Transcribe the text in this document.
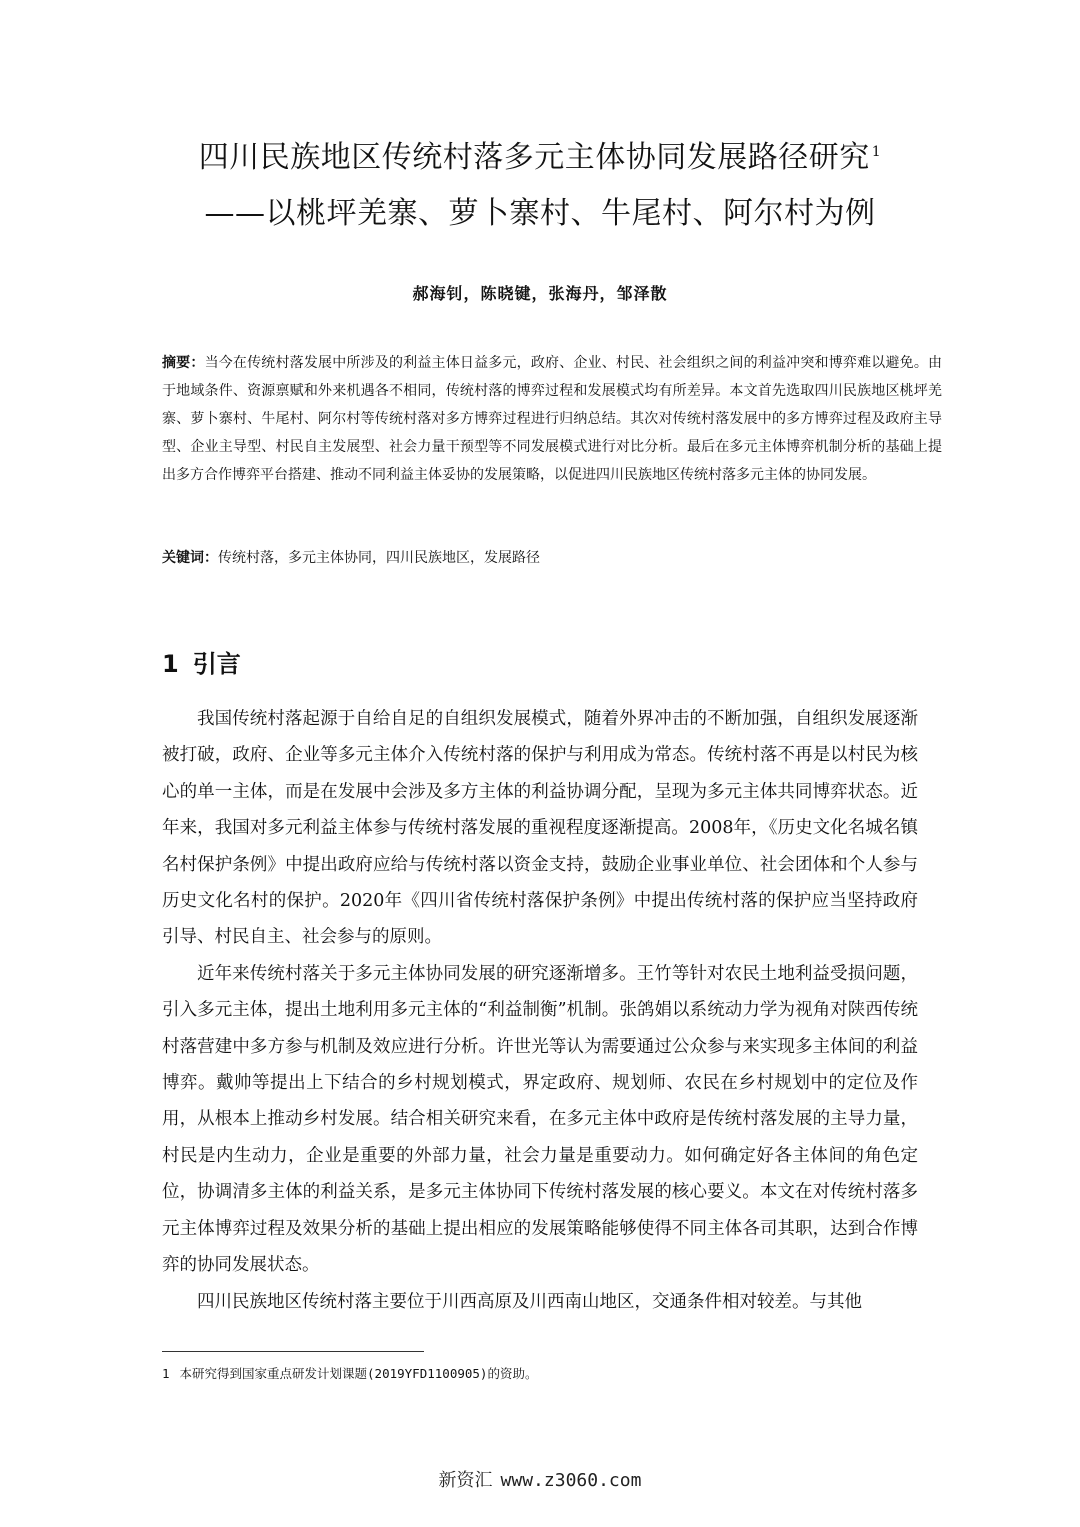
四川民族地区传统村落多元主体协同发展路径研究 $^1$
——以桃坪羌寨、萝卜寨村、牛尾村、阿尔村为例
郝海钊，陈晓键，张海丹，邹泽散
摘要：当今在传统村落发展中所涉及的利益主体日益多元，政府、企业、村民、社会组织之间的利益冲突和博弈难以避免。由于地域条件、资源禀赋和外来机遇各不相同，传统村落的博弈过程和发展模式均有所差异。本文首先选取四川民族地区桃坪羌寨、萝卜寨村、牛尾村、阿尔村等传统村落对多方博弈过程进行归纳总结。其次对传统村落发展中的多方博弈过程及政府主导型、企业主导型、村民自主发展型、社会力量干预型等不同发展模式进行对比分析。最后在多元主体博弈机制分析的基础上提出多方合作博弈平台搭建、推动不同利益主体妥协的发展策略，以促进四川民族地区传统村落多元主体的协同发展。
关键词：传统村落，多元主体协同，四川民族地区，发展路径
1 引言

我国传统村落起源于自给自足的自组织发展模式，随着外界冲击的不断加强，自组织发展逐渐被打破，政府、企业等多元主体介入传统村落的保护与利用成为常态。传统村落不再是以村民为核心的单一主体，而是在发展中会涉及多方主体的利益协调分配，呈现为多元主体共同博弈状态。近年来，我国对多元利益主体参与传统村落发展的重视程度逐渐提高。2008年，《历史文化名城名镇名村保护条例》中提出政府应给与传统村落以资金支持，鼓励企业事业单位、社会团体和个人参与历史文化名村的保护。2020年《四川省传统村落保护条例》中提出传统村落的保护应当坚持政府引导、村民自主、社会参与的原则。

近年来传统村落关于多元主体协同发展的研究逐渐增多。王竹等针对农民土地利益受损问题，引入多元主体，提出土地利用多元主体的“利益制衡”机制。张鸽娟以系统动力学为视角对陕西传统村落营建中多方参与机制及效应进行分析。许世光等认为需要通过公众参与来实现多主体间的利益博弈。戴帅等提出上下结合的乡村规划模式，界定政府、规划师、农民在乡村规划中的定位及作用，从根本上推动乡村发展。结合相关研究来看，在多元主体中政府是传统村落发展的主导力量，村民是内生动力，企业是重要的外部力量，社会力量是重要动力。如何确定好各主体间的角色定位，协调清多主体的利益关系，是多元主体协同下传统村落发展的核心要义。本文在对传统村落多元主体博弈过程及效果分析的基础上提出相应的发展策略能够使得不同主体各司其职，达到合作博弈的协同发展状态。

四川民族地区传统村落主要位于川西高原及川西南山地区，交通条件相对较差。与其他

1 本研究得到国家重点研发计划课题(2019YFD1100905)的资助。
新资汇 www.z3060.com
